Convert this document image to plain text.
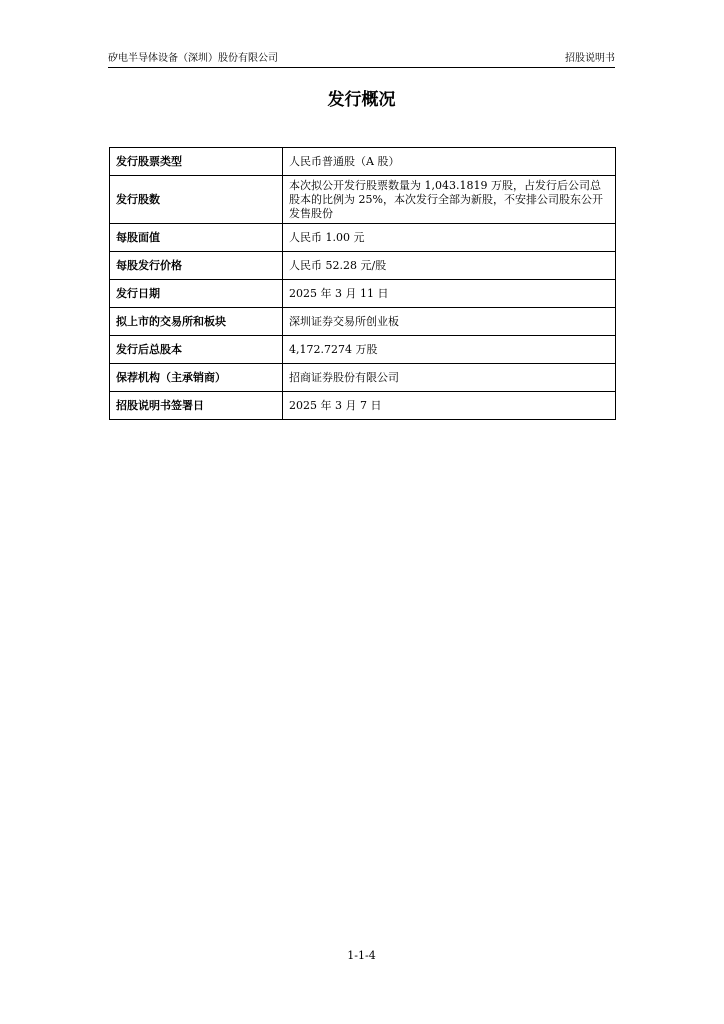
矽电半导体设备（深圳）股份有限公司	招股说明书
发行概况
发行股票类型	人民币普通股（A 股）
发行股数	本次拟公开发行股票数量为 1,043.1819 万股，占发行后公司总股本的比例为 25%，本次发行全部为新股，不安排公司股东公开发售股份
每股面值	人民币 1.00 元
每股发行价格	人民币 52.28 元/股
发行日期	2025 年 3 月 11 日
拟上市的交易所和板块	深圳证券交易所创业板
发行后总股本	4,172.7274 万股
保荐机构（主承销商）	招商证券股份有限公司
招股说明书签署日	2025 年 3 月 7 日
1-1-4
